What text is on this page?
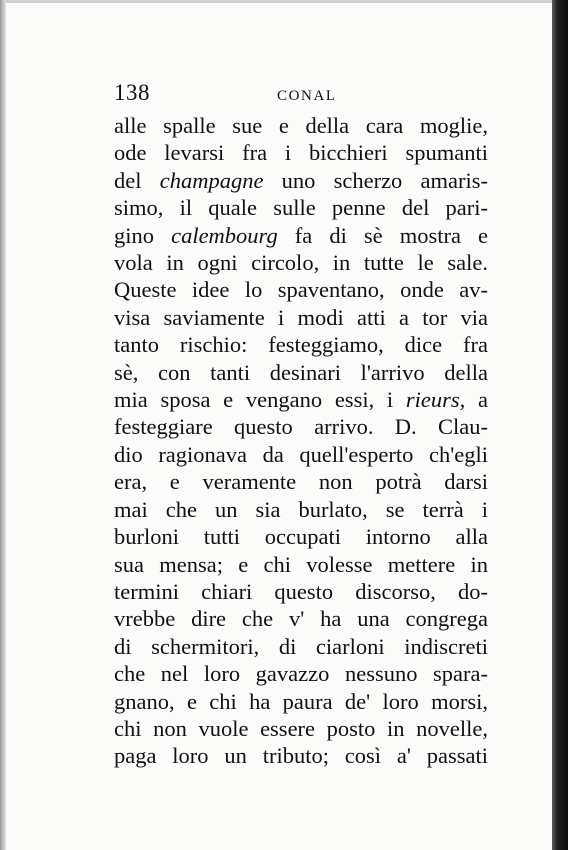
138	CONAL
alle spalle sue e della cara moglie,
ode levarsi fra i bicchieri spumanti
del champagne uno scherzo amaris-
simo, il quale sulle penne del pari-
gino calembourg fa di sè mostra e
vola in ogni circolo, in tutte le sale.
Queste idee lo spaventano, onde av-
visa saviamente i modi atti a tor via
tanto rischio: festeggiamo, dice fra
sè, con tanti desinari l'arrivo della
mia sposa e vengano essi, i rieurs, a
festeggiare questo arrivo. D. Clau-
dio ragionava da quell'esperto ch'egli
era, e veramente non potrà darsi
mai che un sia burlato, se terrà i
burloni tutti occupati intorno alla
sua mensa; e chi volesse mettere in
termini chiari questo discorso, do-
vrebbe dire che v' ha una congrega
di schermitori, di ciarloni indiscreti
che nel loro gavazzo nessuno spara-
gnano, e chi ha paura de' loro morsi,
chi non vuole essere posto in novelle,
paga loro un tributo; così a' passati
